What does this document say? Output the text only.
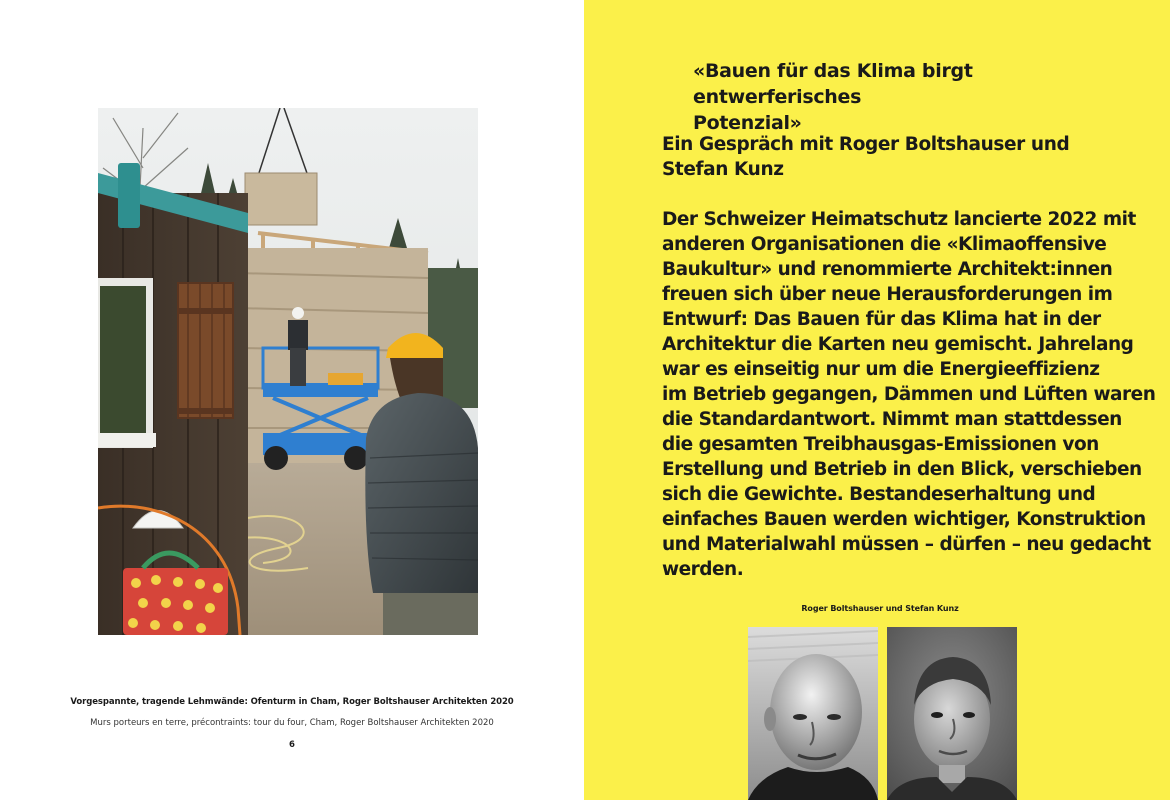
Vorgespannte, tragende Lehmwände: Ofenturm in Cham, Roger Boltshauser Architekten 2020
Murs porteurs en terre, précontraints: tour du four, Cham, Roger Boltshauser Architekten 2020
6
«Bauen für das Klima birgt entwerferisches
Potenzial»
Ein Gespräch mit Roger Boltshauser und
Stefan Kunz

Der Schweizer Heimatschutz lancierte 2022 mit
anderen Organisationen die «Klimaoffensive
Baukultur» und renommierte Architekt:innen
freuen sich über neue Herausforderungen im
Entwurf: Das Bauen für das Klima hat in der
Architektur die Karten neu gemischt. Jahrelang
war es einseitig nur um die Energieeffizienz
im Betrieb gegangen, Dämmen und Lüften waren
die Standardantwort. Nimmt man stattdessen
die gesamten Treibhausgas-Emissionen von
Erstellung und Betrieb in den Blick, verschieben
sich die Gewichte. Bestandeserhaltung und
einfaches Bauen werden wichtiger, Konstruktion
und Materialwahl müssen – dürfen – neu gedacht
werden.

Roger Boltshauser und Stefan Kunz
